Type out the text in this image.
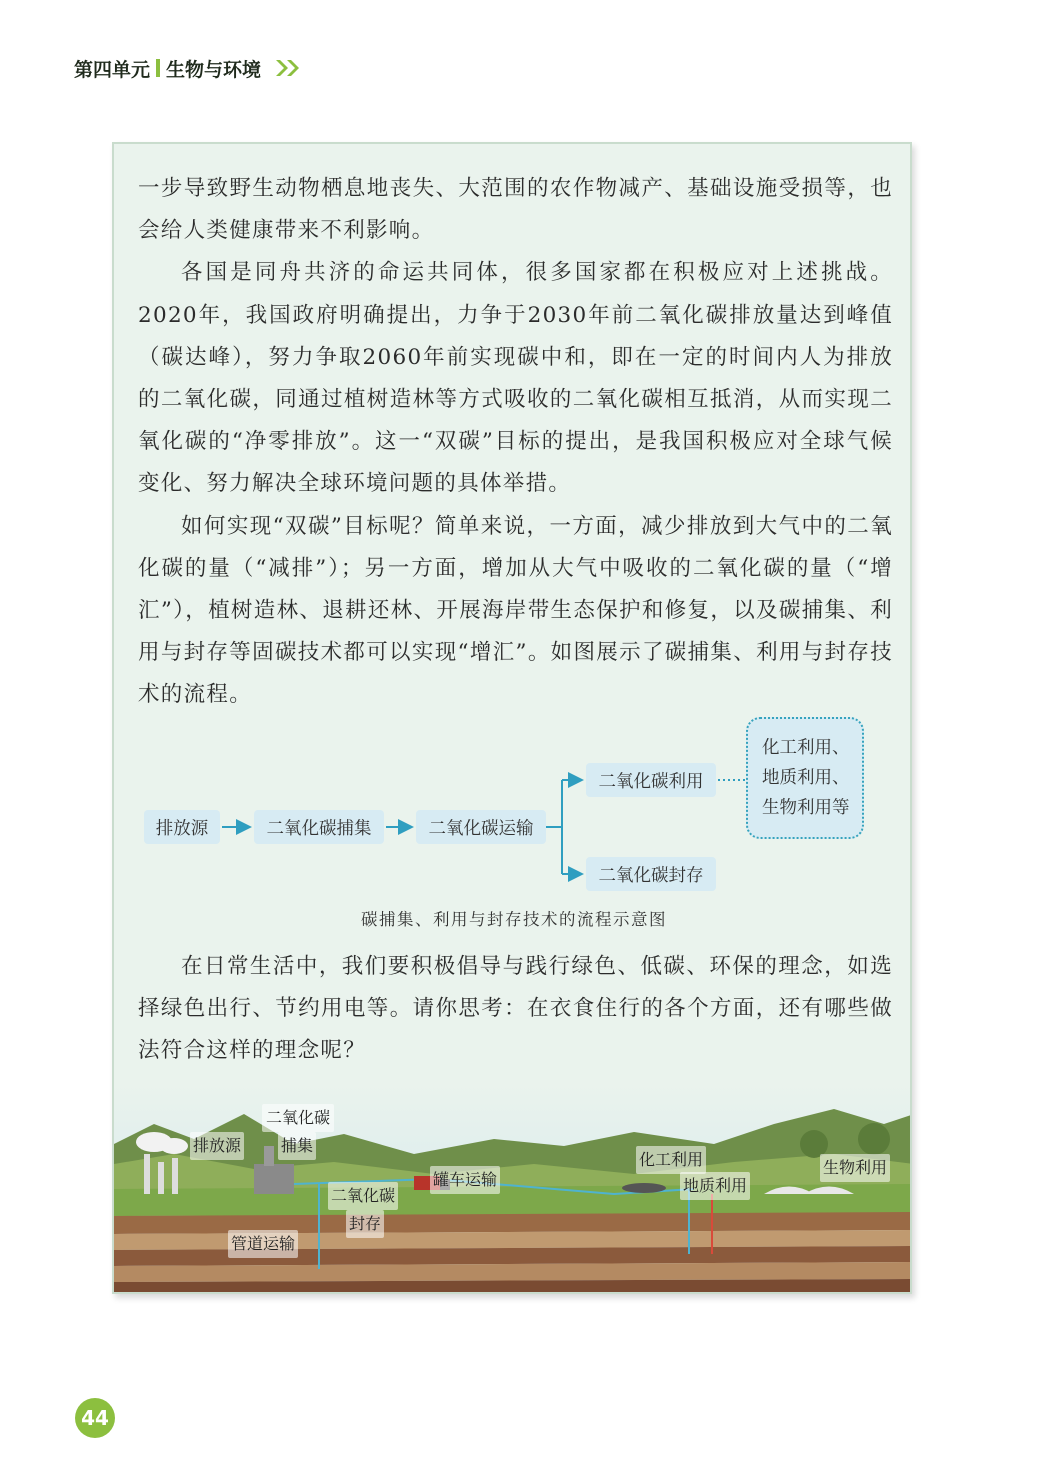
第四单元 生物与环境

一步导致野生动物栖息地丧失、大范围的农作物减产、基础设施受损等，也会给人类健康带来不利影响。

各国是同舟共济的命运共同体，很多国家都在积极应对上述挑战。2020年，我国政府明确提出，力争于2030年前二氧化碳排放量达到峰值（碳达峰），努力争取2060年前实现碳中和，即在一定的时间内人为排放的二氧化碳，同通过植树造林等方式吸收的二氧化碳相互抵消，从而实现二氧化碳的“净零排放”。这一“双碳”目标的提出，是我国积极应对全球气候变化、努力解决全球环境问题的具体举措。

如何实现“双碳”目标呢？简单来说，一方面，减少排放到大气中的二氧化碳的量（“减排”）；另一方面，增加从大气中吸收的二氧化碳的量（“增汇”），植树造林、退耕还林、开展海岸带生态保护和修复，以及碳捕集、利用与封存等固碳技术都可以实现“增汇”。如图展示了碳捕集、利用与封存技术的流程。

排放源	二氧化碳捕集	二氧化碳运输
二氧化碳利用
二氧化碳封存
化工利用、
地质利用、
生物利用等
碳捕集、利用与封存技术的流程示意图

在日常生活中，我们要积极倡导与践行绿色、低碳、环保的理念，如选择绿色出行、节约用电等。请你思考：在衣食住行的各个方面，还有哪些做法符合这样的理念呢？

排放源
二氧化碳
捕集
罐车运输
二氧化碳
封存
管道运输
化工利用
地质利用
生物利用
44
